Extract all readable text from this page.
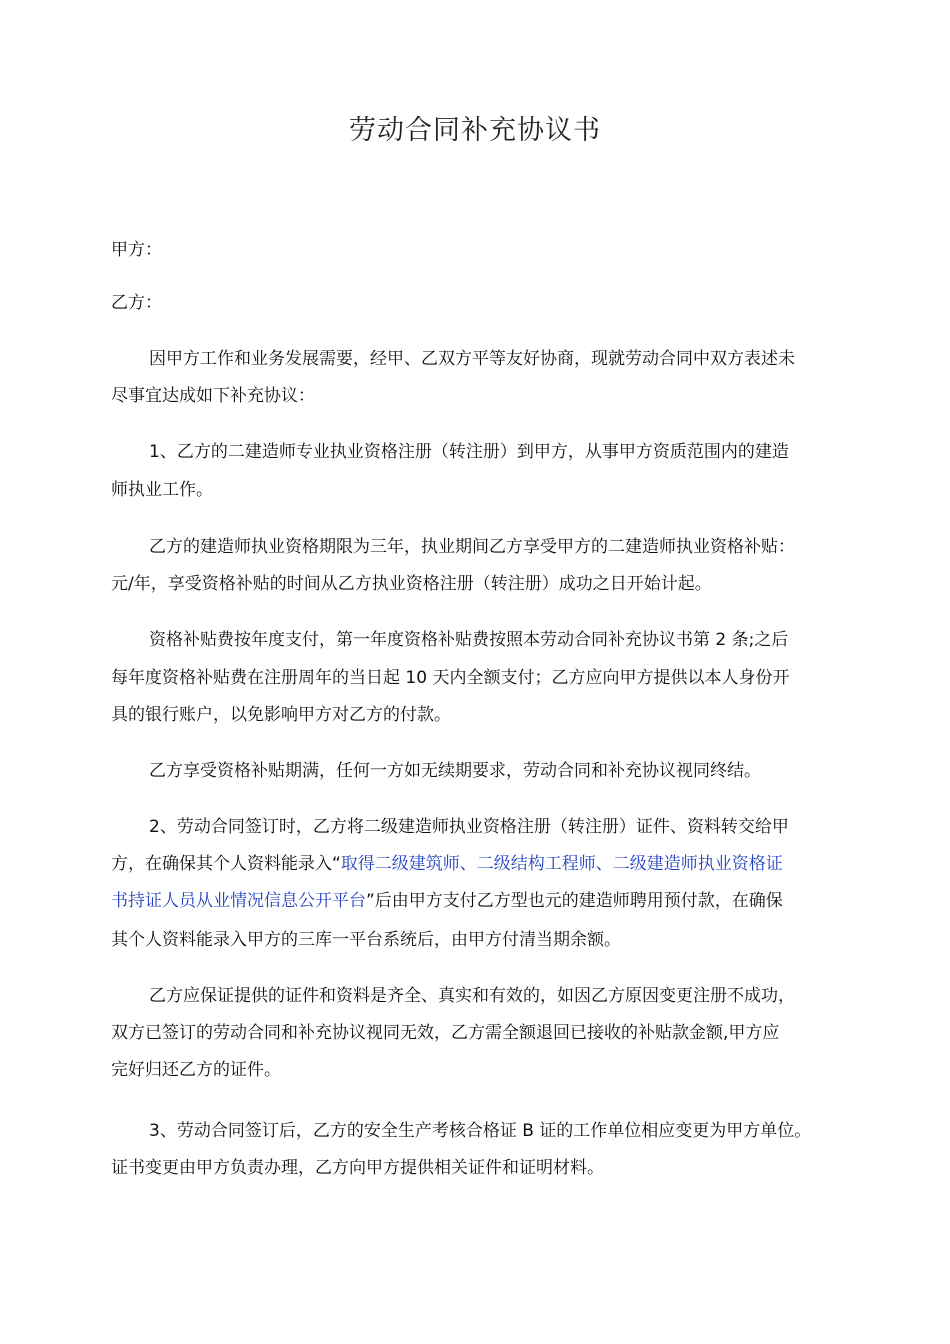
劳动合同补充协议书
甲方：
乙方：
因甲方工作和业务发展需要，经甲、乙双方平等友好协商，现就劳动合同中双方表述未
尽事宜达成如下补充协议：
1、乙方的二建造师专业执业资格注册（转注册）到甲方，从事甲方资质范围内的建造
师执业工作。
乙方的建造师执业资格期限为三年，执业期间乙方享受甲方的二建造师执业资格补贴：
元/年，享受资格补贴的时间从乙方执业资格注册（转注册）成功之日开始计起。
资格补贴费按年度支付，第一年度资格补贴费按照本劳动合同补充协议书第 2 条;之后
每年度资格补贴费在注册周年的当日起 10 天内全额支付；乙方应向甲方提供以本人身份开
具的银行账户，以免影响甲方对乙方的付款。
乙方享受资格补贴期满，任何一方如无续期要求，劳动合同和补充协议视同终结。
2、劳动合同签订时，乙方将二级建造师执业资格注册（转注册）证件、资料转交给甲
方，在确保其个人资料能录入“取得二级建筑师、二级结构工程师、二级建造师执业资格证
书持证人员从业情况信息公开平台”后由甲方支付乙方型也元的建造师聘用预付款，在确保
其个人资料能录入甲方的三库一平台系统后，由甲方付清当期余额。
乙方应保证提供的证件和资料是齐全、真实和有效的，如因乙方原因变更注册不成功，
双方已签订的劳动合同和补充协议视同无效，乙方需全额退回已接收的补贴款金额,甲方应
完好归还乙方的证件。
3、劳动合同签订后，乙方的安全生产考核合格证 B 证的工作单位相应变更为甲方单位。
证书变更由甲方负责办理，乙方向甲方提供相关证件和证明材料。
